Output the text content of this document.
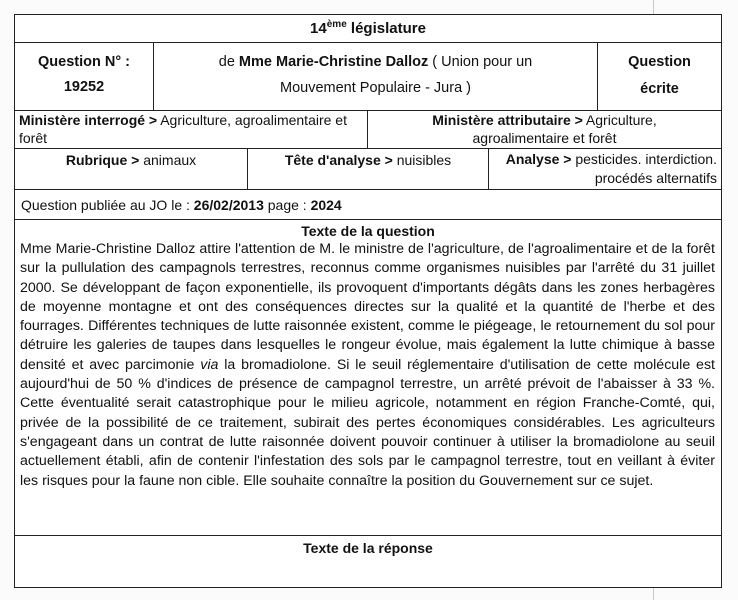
14ème législature
Question N° :
19252
de Mme Marie-Christine Dalloz ( Union pour un Mouvement Populaire - Jura )
Question écrite
Ministère interrogé > Agriculture, agroalimentaire et forêt
Ministère attributaire > Agriculture, agroalimentaire et forêt
Rubrique > animaux	Tête d'analyse > nuisibles	Analyse > pesticides. interdiction. procédés alternatifs
Question publiée au JO le : 26/02/2013 page : 2024
Texte de la question
Mme Marie-Christine Dalloz attire l'attention de M. le ministre de l'agriculture, de l'agroalimentaire et de la forêt sur la pullulation des campagnols terrestres, reconnus comme organismes nuisibles par l'arrêté du 31 juillet 2000. Se développant de façon exponentielle, ils provoquent d'importants dégâts dans les zones herbagères de moyenne montagne et ont des conséquences directes sur la qualité et la quantité de l'herbe et des fourrages. Différentes techniques de lutte raisonnée existent, comme le piégeage, le retournement du sol pour détruire les galeries de taupes dans lesquelles le rongeur évolue, mais également la lutte chimique à basse densité et avec parcimonie via la bromadiolone. Si le seuil réglementaire d'utilisation de cette molécule est aujourd'hui de 50 % d'indices de présence de campagnol terrestre, un arrêté prévoit de l'abaisser à 33 %. Cette éventualité serait catastrophique pour le milieu agricole, notamment en région Franche-Comté, qui, privée de la possibilité de ce traitement, subirait des pertes économiques considérables. Les agriculteurs s'engageant dans un contrat de lutte raisonnée doivent pouvoir continuer à utiliser la bromadiolone au seuil actuellement établi, afin de contenir l'infestation des sols par le campagnol terrestre, tout en veillant à éviter les risques pour la faune non cible. Elle souhaite connaître la position du Gouvernement sur ce sujet.
Texte de la réponse
